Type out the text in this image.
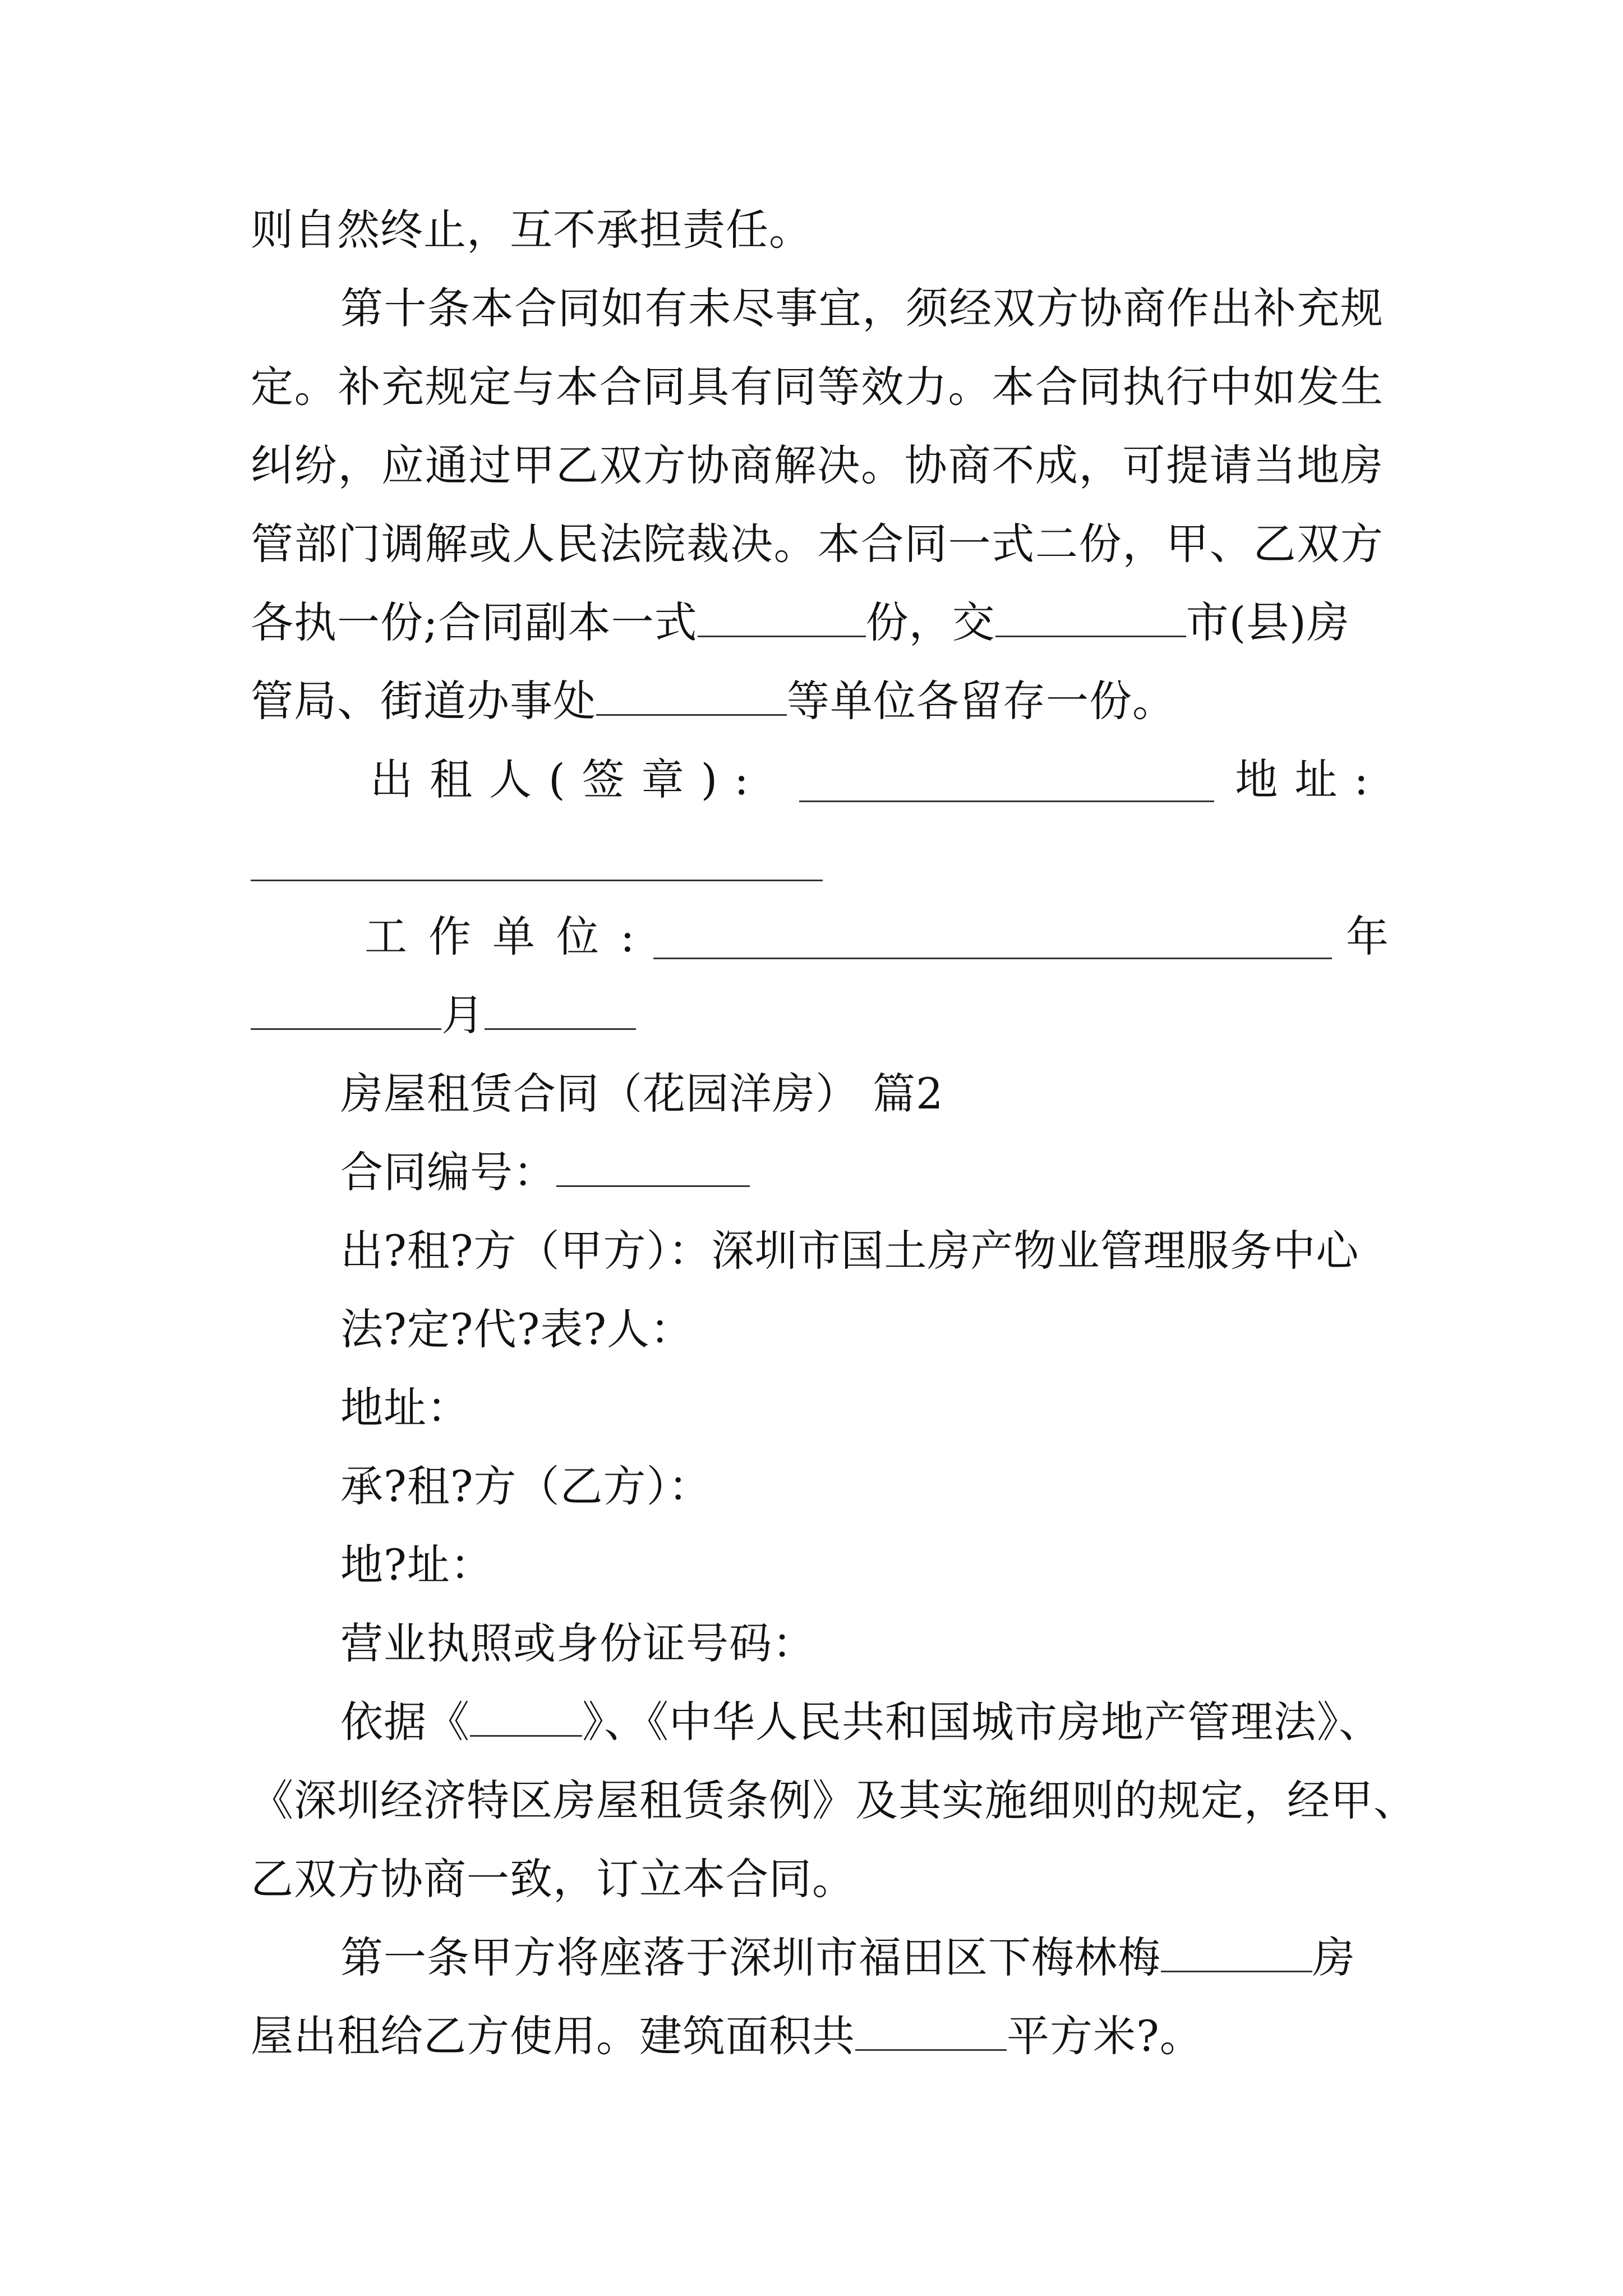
则自然终止，互不承担责任。
第十条本合同如有未尽事宜，须经双方协商作出补充规
定。补充规定与本合同具有同等效力。本合同执行中如发生
纠纷，应通过甲乙双方协商解决。协商不成，可提请当地房
管部门调解或人民法院裁决。本合同一式二份，甲、乙双方
各执一份;合同副本一式	份，交	市(县)房
管局、街道办事处	等单位各留存一份。
出租人(签章):	地址:
工作单位:	年
月
房屋租赁合同（花园洋房） 篇2
合同编号：
出?租?方（甲方）：深圳市国土房产物业管理服务中心
法?定?代?表?人：
地址：
承?租?方（乙方）：
地?址：
营业执照或身份证号码：
依据《	》、《中华人民共和国城市房地产管理法》、
《深圳经济特区房屋租赁条例》及其实施细则的规定，经甲、
乙双方协商一致，订立本合同。
第一条甲方将座落于深圳市福田区下梅林梅	房
屋出租给乙方使用。建筑面积共	平方米?。
